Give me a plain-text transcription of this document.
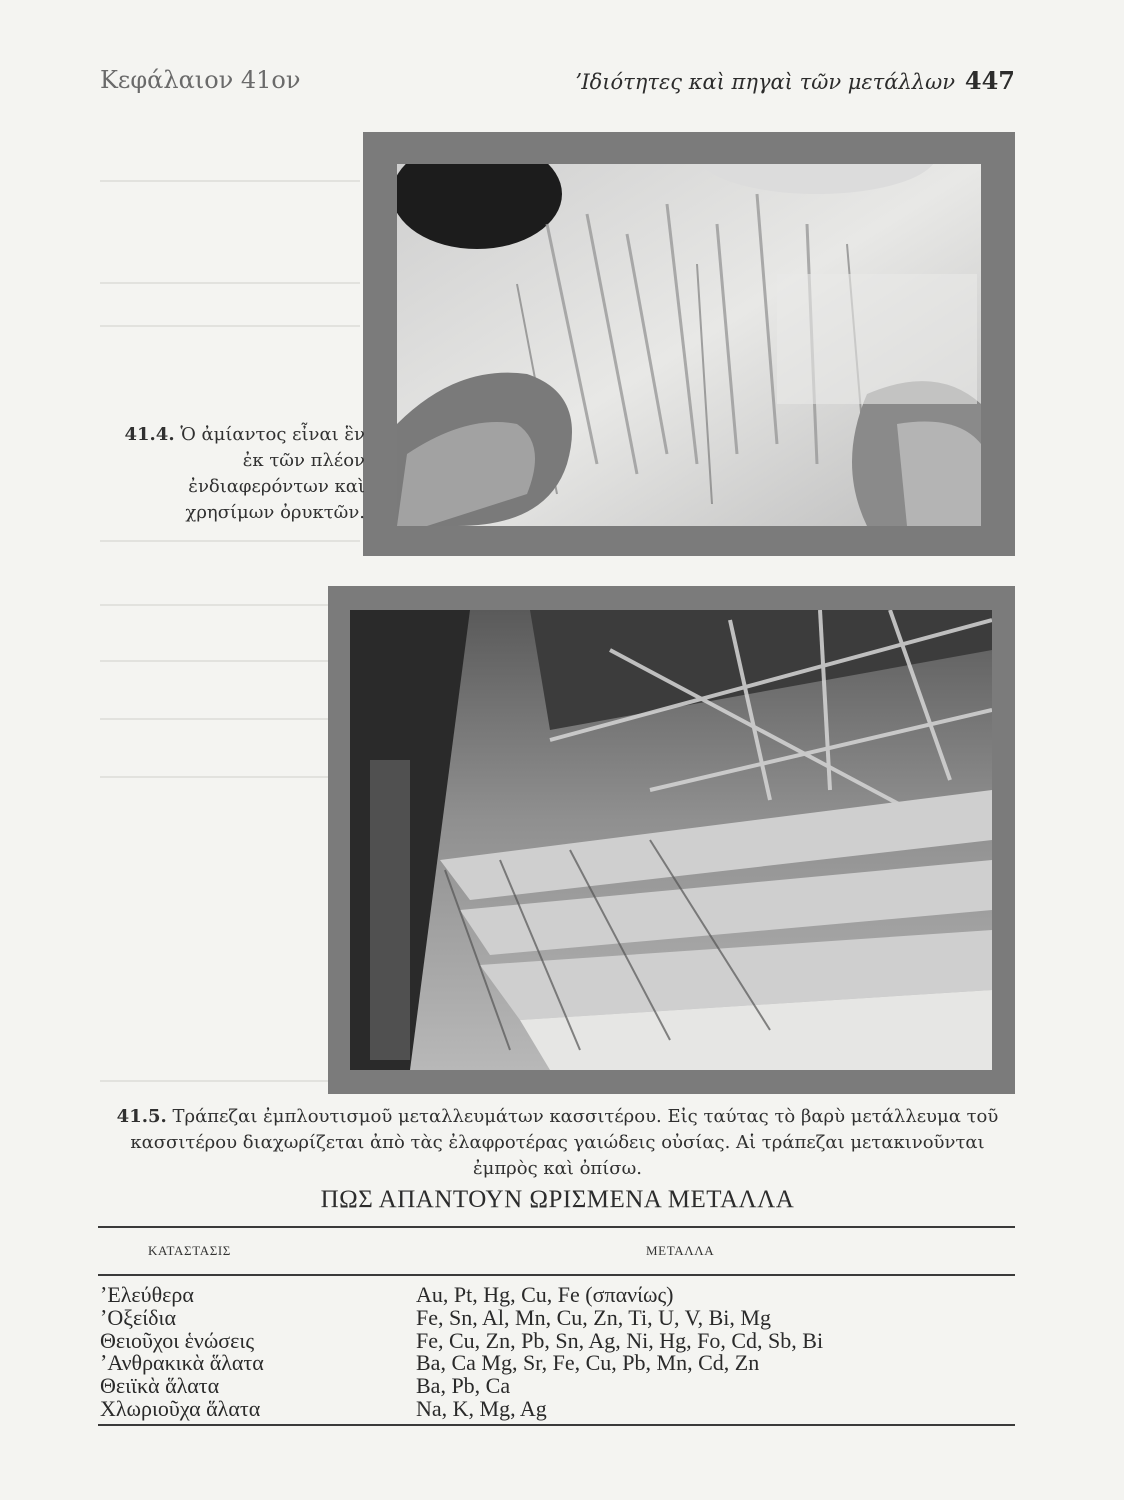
Κεφάλαιον 41ον	ʼΙδιότητες καὶ πηγαὶ τῶν μετάλλων 447
41.4. Ὁ ἀμίαντος εἶναι ἓν ἐκ τῶν πλέον ἐνδιαφερόντων καὶ χρησίμων ὀρυκτῶν.
41.5. Τράπεζαι ἐμπλουτισμοῦ μεταλλευμάτων κασσιτέρου. Εἰς ταύτας τὸ βαρὺ μετάλλευμα τοῦ κασσιτέρου διαχωρίζεται ἀπὸ τὰς ἐλαφροτέρας γαιώδεις οὐσίας. Αἱ τράπεζαι μετακινοῦνται ἐμπρὸς καὶ ὀπίσω.
ΠΩΣ ΑΠΑΝΤΟΥΝ ΩΡΙΣΜΕΝΑ ΜΕΤΑΛΛΑ
ΚΑΤΑΣΤΑΣΙΣ	ΜΕΤΑΛΛΑ
ʼΕλεύθερα	Au, Pt, Hg, Cu, Fe (σπανίως)
ʼΟξείδια	Fe, Sn, Al, Mn, Cu, Zn, Ti, U, V, Bi, Mg
Θειοῦχοι ἑνώσεις	Fe, Cu, Zn, Pb, Sn, Ag, Ni, Hg, Fo, Cd, Sb, Bi
ʼΑνθρακικὰ ἅλατα	Ba, Ca Mg, Sr, Fe, Cu, Pb, Mn, Cd, Zn
Θειϊκὰ ἅλατα	Ba, Pb, Ca
Χλωριοῦχα ἅλατα	Na, K, Mg, Ag
